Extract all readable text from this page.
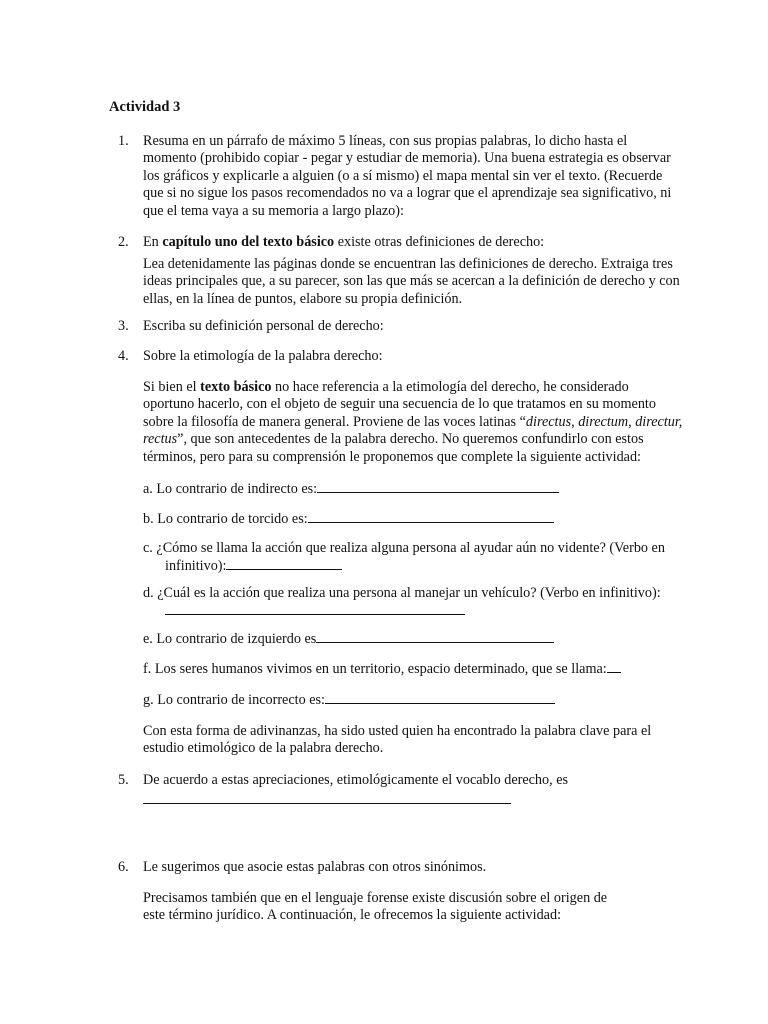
Actividad 3
1. Resuma en un párrafo de máximo 5 líneas, con sus propias palabras, lo dicho hasta el momento (prohibido copiar - pegar y estudiar de memoria). Una buena estrategia es observar los gráficos y explicarle a alguien (o a sí mismo) el mapa mental sin ver el texto. (Recuerde que si no sigue los pasos recomendados no va a lograr que el aprendizaje sea significativo, ni que el tema vaya a su memoria a largo plazo):
2. En capítulo uno del texto básico existe otras definiciones de derecho:
Lea detenidamente las páginas donde se encuentran las definiciones de derecho. Extraiga tres ideas principales que, a su parecer, son las que más se acercan a la definición de derecho y con ellas, en la línea de puntos, elabore su propia definición.
3. Escriba su definición personal de derecho:
4. Sobre la etimología de la palabra derecho:
Si bien el texto básico no hace referencia a la etimología del derecho, he considerado oportuno hacerlo, con el objeto de seguir una secuencia de lo que tratamos en su momento sobre la filosofía de manera general. Proviene de las voces latinas “directus, directum, directur, rectus”, que son antecedentes de la palabra derecho. No queremos confundirlo con estos términos, pero para su comprensión le proponemos que complete la siguiente actividad:
a. Lo contrario de indirecto es:
b. Lo contrario de torcido es:
c. ¿Cómo se llama la acción que realiza alguna persona al ayudar aún no vidente? (Verbo en infinitivo):
d. ¿Cuál es la acción que realiza una persona al manejar un vehículo? (Verbo en infinitivo):
e. Lo contrario de izquierdo es
f. Los seres humanos vivimos en un territorio, espacio determinado, que se llama:
g. Lo contrario de incorrecto es:
Con esta forma de adivinanzas, ha sido usted quien ha encontrado la palabra clave para el estudio etimológico de la palabra derecho.
5. De acuerdo a estas apreciaciones, etimológicamente el vocablo derecho, es
6. Le sugerimos que asocie estas palabras con otros sinónimos.
Precisamos también que en el lenguaje forense existe discusión sobre el origen de este término jurídico. A continuación, le ofrecemos la siguiente actividad:
